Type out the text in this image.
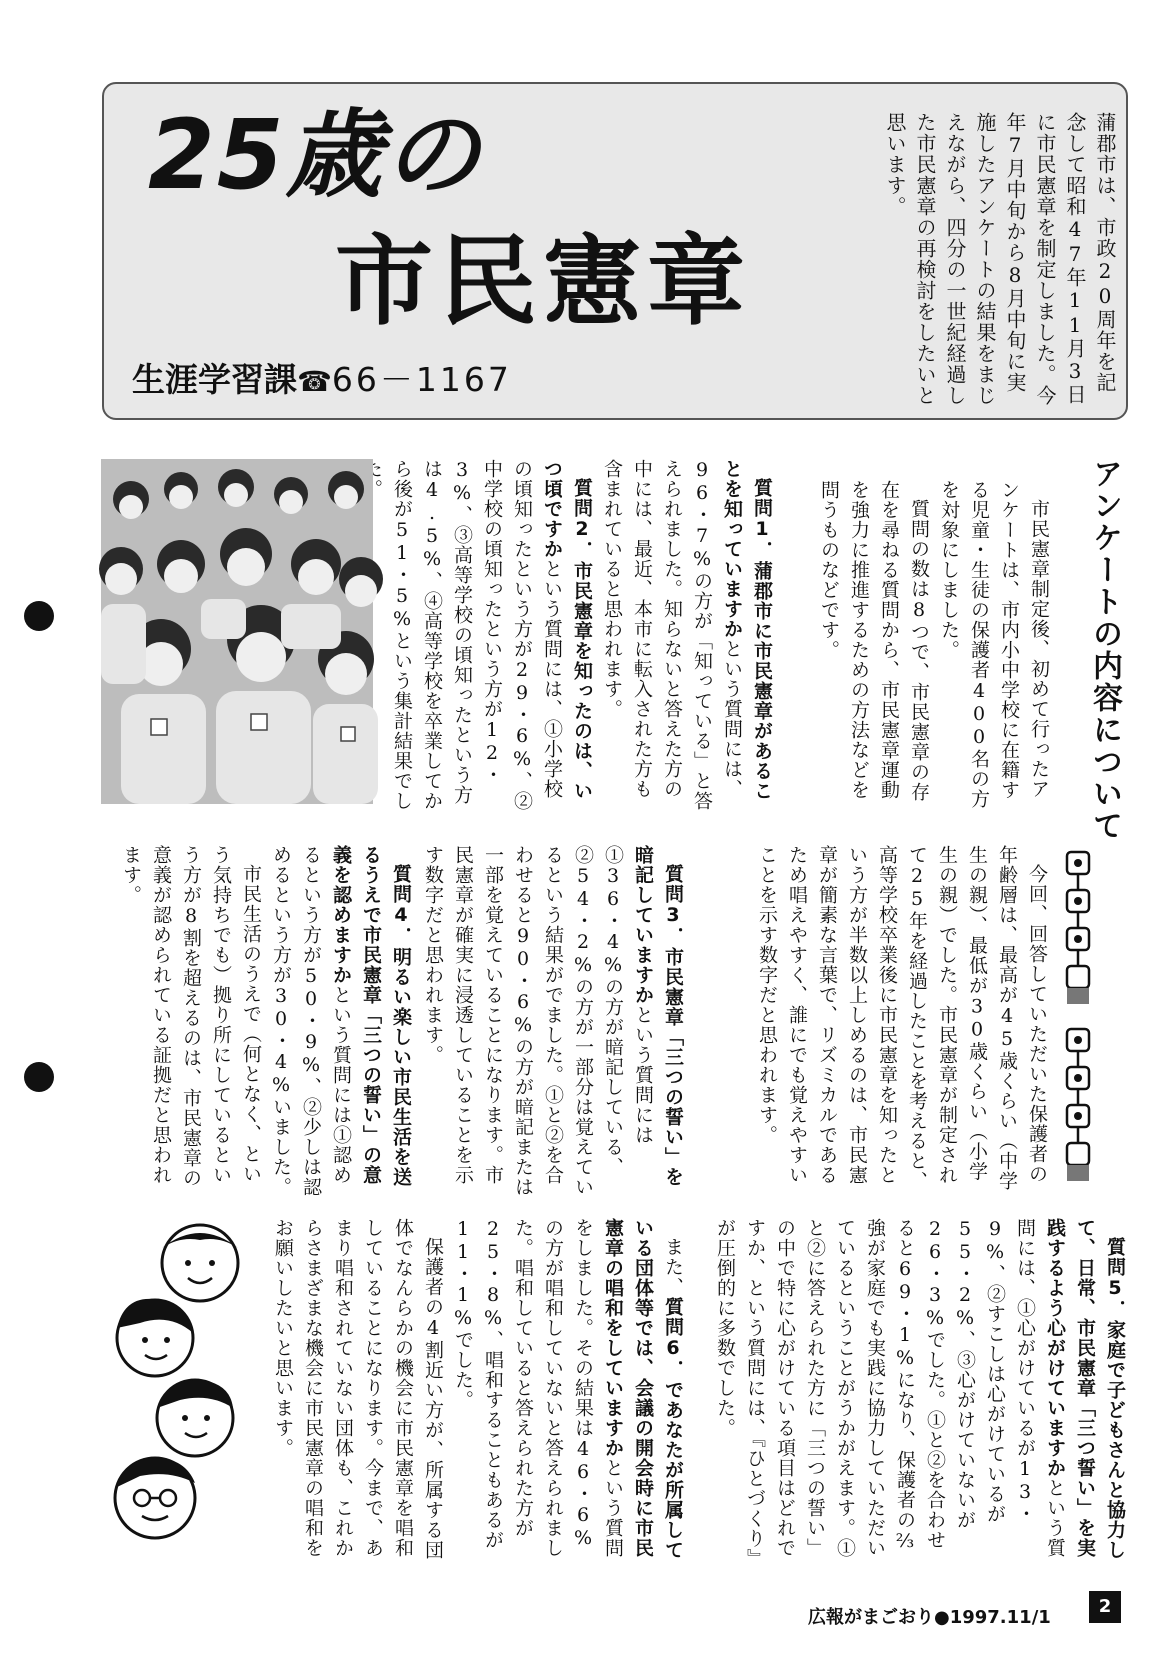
25歳の
市民憲章
生涯学習課☎66－1167	蒲郡市は、市政20周年を記念して昭和47年11月3日に市民憲章を制定しました。今年7月中旬から8月中旬に実施したアンケートの結果をまじえながら、四分の一世紀経過した市民憲章の再検討をしたいと思います。
アンケートの内容について
市民憲章制定後、初めて行ったアンケートは、市内小中学校に在籍する児童・生徒の保護者400名の方を対象にしました。
質問の数は8つで、市民憲章の存在を尋ねる質問から、市民憲章運動を強力に推進するための方法などを問うものなどです。
質問1．蒲郡市に市民憲章があることを知っていますかという質問には、96・7%の方が「知っている」と答えられました。知らないと答えた方の中には、最近、本市に転入された方も含まれていると思われます。
質問2．市民憲章を知ったのは、いつ頃ですかという質問には、①小学校の頃知ったという方が29・6%、②中学校の頃知ったという方が12・3%、③高等学校の頃知ったという方は4.5%、④高等学校を卒業してから後が51・5%という集計結果でし
今回、回答していただいた保護者の年齢層は、最高が45歳くらい（中学生の親）、最低が30歳くらい（小学生の親）でした。市民憲章が制定されて25年を経過したことを考えると、高等学校卒業後に市民憲章を知ったという方が半数以上しめるのは、市民憲章が簡素な言葉で、リズミカルであるため唱えやすく、誰にでも覚えやすいことを示す数字だと思われます。
質問3．市民憲章「三つの誓い」を暗記していますかという質問には①36・4%の方が暗記している、②54・2%の方が一部分は覚えているという結果がでました。①と②を合わせると90・6%の方が暗記または一部を覚えていることになります。市民憲章が確実に浸透していることを示す数字だと思われます。
質問4．明るい楽しい市民生活を送るうえで市民憲章「三つの誓い」の意義を認めますかという質問には①認めるという方が50・9%、②少しは認めるという方が30・4%いました。
市民生活のうえで（何となく、という気持ちでも）拠り所にしているという方が8割を超えるのは、市民憲章の意義が認められている証拠だと思われます。
質問5．家庭で子どもさんと協力して、日常、市民憲章「三つ誓い」を実践するよう心がけていますかという質問には、①心がけているが13・9%、②すこしは心がけているが55・2%、③心がけていないが26・3%でした。①と②を合わせると69・1%になり、保護者の⅔強が家庭でも実践に協力していただいているということがうかがえます。①と②に答えられた方に「三つの誓い」の中で特に心がけている項目はどれですか、という質問には、『ひとづくり』が圧倒的に多数でした。
また、質問6．であなたが所属している団体等では、会議の開会時に市民憲章の唱和をしていますかという質問をしました。その結果は46・6%の方が唱和していないと答えられました。唱和していると答えられた方が25・8%、唱和することもあるが11・1%でした。
保護者の4割近い方が、所属する団体でなんらかの機会に市民憲章を唱和していることになります。今まで、あまり唱和されていない団体も、これからさまざまな機会に市民憲章の唱和をお願いしたいと思います。
広報がまごおり●1997.11/1
2
